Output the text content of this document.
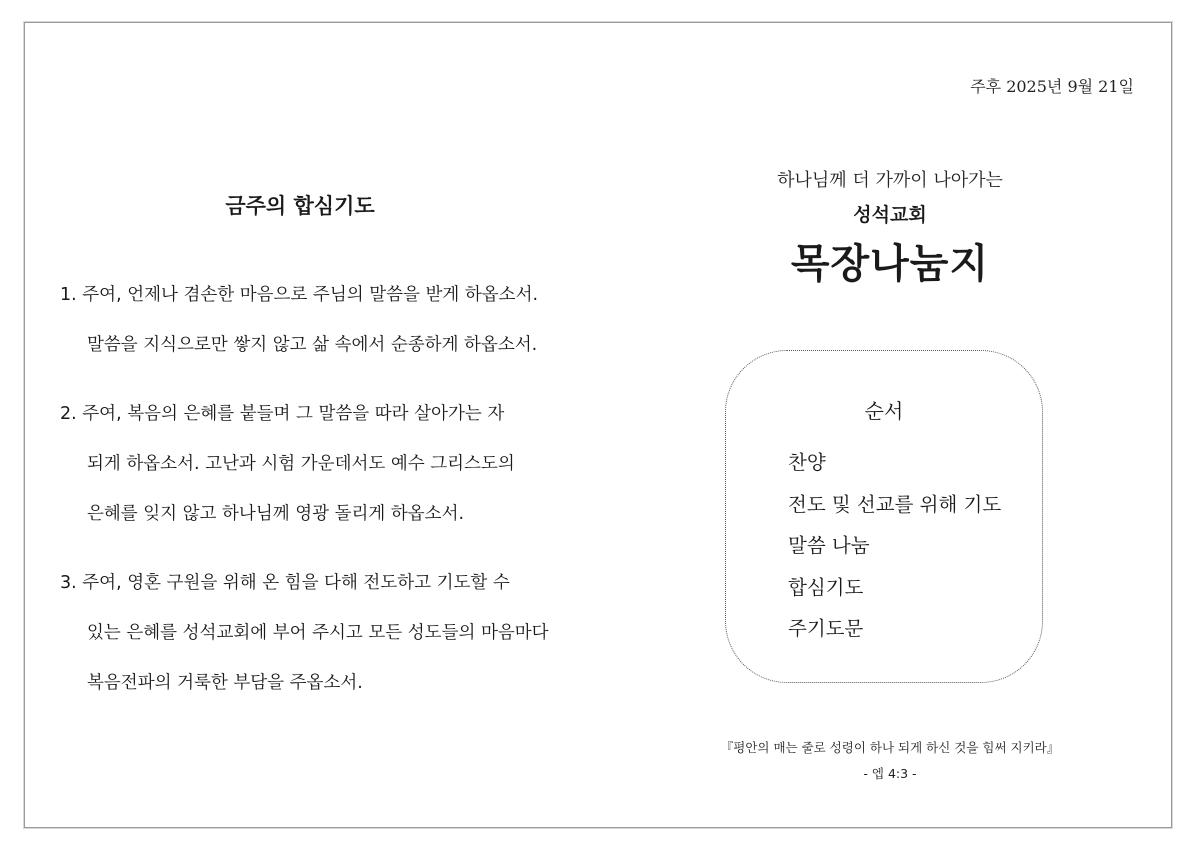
주후 2025년 9월 21일
금주의 합심기도
1. 주여, 언제나 겸손한 마음으로 주님의 말씀을 받게 하옵소서.
말씀을 지식으로만 쌓지 않고 삶 속에서 순종하게 하옵소서.
2. 주여, 복음의 은혜를 붙들며 그 말씀을 따라 살아가는 자
되게 하옵소서. 고난과 시험 가운데서도 예수 그리스도의
은혜를 잊지 않고 하나님께 영광 돌리게 하옵소서.
3. 주여, 영혼 구원을 위해 온 힘을 다해 전도하고 기도할 수
있는 은혜를 성석교회에 부어 주시고 모든 성도들의 마음마다
복음전파의 거룩한 부담을 주옵소서.
하나님께 더 가까이 나아가는
성석교회
목장나눔지
순서
찬양
전도 및 선교를 위해 기도
말씀 나눔
합심기도
주기도문
『평안의 매는 줄로 성령이 하나 되게 하신 것을 힘써 지키라』
- 엡 4:3 -
